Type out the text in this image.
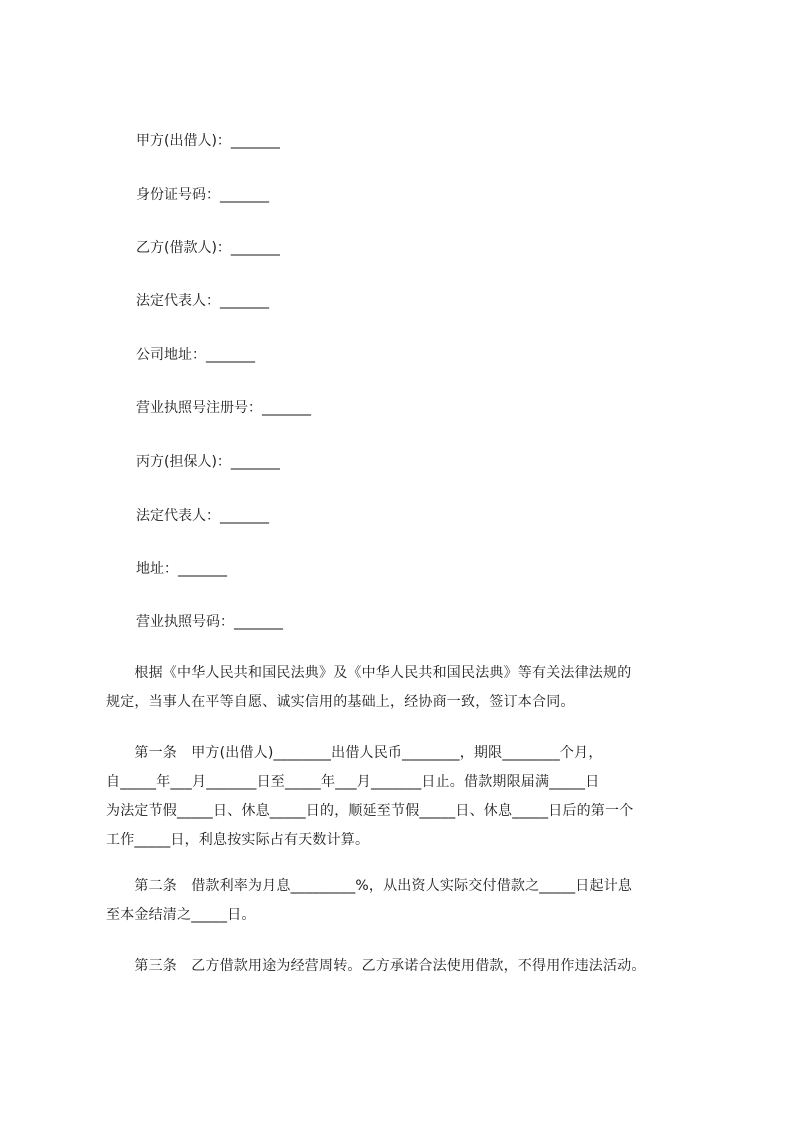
甲方(出借人)：_______
身份证号码：_______
乙方(借款人)：_______
法定代表人：_______
公司地址：_______
营业执照号注册号：_______
丙方(担保人)：_______
法定代表人：_______
地址：_______
营业执照号码：_______
　　根据《中华人民共和国民法典》及《中华人民共和国民法典》等有关法律法规的
规定，当事人在平等自愿、诚实信用的基础上，经协商一致，签订本合同。
　　第一条　甲方(出借人)________出借人民币________，期限________个月，
自_____年___月_______日至_____年___月_______日止。借款期限届满_____日
为法定节假_____日、休息_____日的，顺延至节假_____日、休息_____日后的第一个
工作_____日，利息按实际占有天数计算。
　　第二条　借款利率为月息_________%，从出资人实际交付借款之_____日起计息
至本金结清之_____日。
　　第三条　乙方借款用途为经营周转。乙方承诺合法使用借款，不得用作违法活动。
